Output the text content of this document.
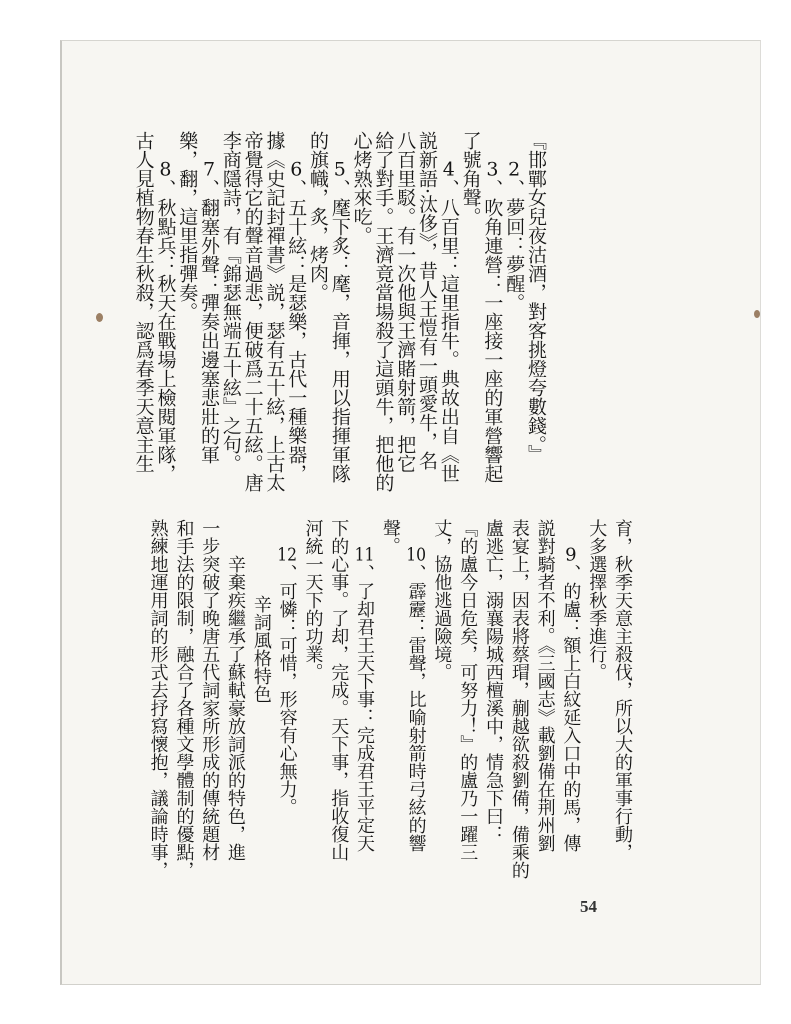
『邯鄲女兒夜沽酒，對客挑燈夸數錢。』
2、夢回：夢醒。
3、吹角連營：一座接一座的軍營響起
了號角聲。
4、八百里：這里指牛。典故出自《世
説新語·汰侈》，昔人王愷有一頭愛牛，名
八百里駁。有一次他與王濟賭射箭，把它
給了對手。王濟竟當場殺了這頭牛，把他的
心烤熟來吃。
5、麾下炙：麾，音揮，用以指揮軍隊
的旗幟，炙，烤肉。
6、五十絃：是瑟樂，古代一種樂器，
據《史記封禪書》説，瑟有五十絃，上古太
帝覺得它的聲音過悲，便破爲二十五絃。唐
李商隱詩，有『錦瑟無端五十絃』之句。
7、翻塞外聲：彈奏出邊塞悲壯的軍
樂，翻，這里指彈奏。
8、秋點兵：秋天在戰場上檢閱軍隊，
古人見植物春生秋殺，認爲春季天意主生
育，秋季天意主殺伐，所以大的軍事行動，
大多選擇秋季進行。
9、的盧：額上白紋延入口中的馬，傳
説對騎者不利。《三國志》載劉備在荆州劉
表宴上，因表將蔡瑁，蒯越欲殺劉備，備乘的
盧逃亡，溺襄陽城西檀溪中，情急下曰：
『的盧今日危矣，可努力！』的盧乃一躍三
丈，協他逃過險境。
10、霹靂：雷聲，比喻射箭時弓絃的響
聲。
11、了却君王天下事：完成君王平定天
下的心事。了却，完成。天下事，指收復山
河統一天下的功業。
12、可憐：可惜，形容有心無力。
辛詞風格特色
辛棄疾繼承了蘇軾豪放詞派的特色，進
一步突破了晚唐五代詞家所形成的傳統題材
和手法的限制，融合了各種文學體制的優點，
熟練地運用詞的形式去抒寫懷抱，議論時事，
54
